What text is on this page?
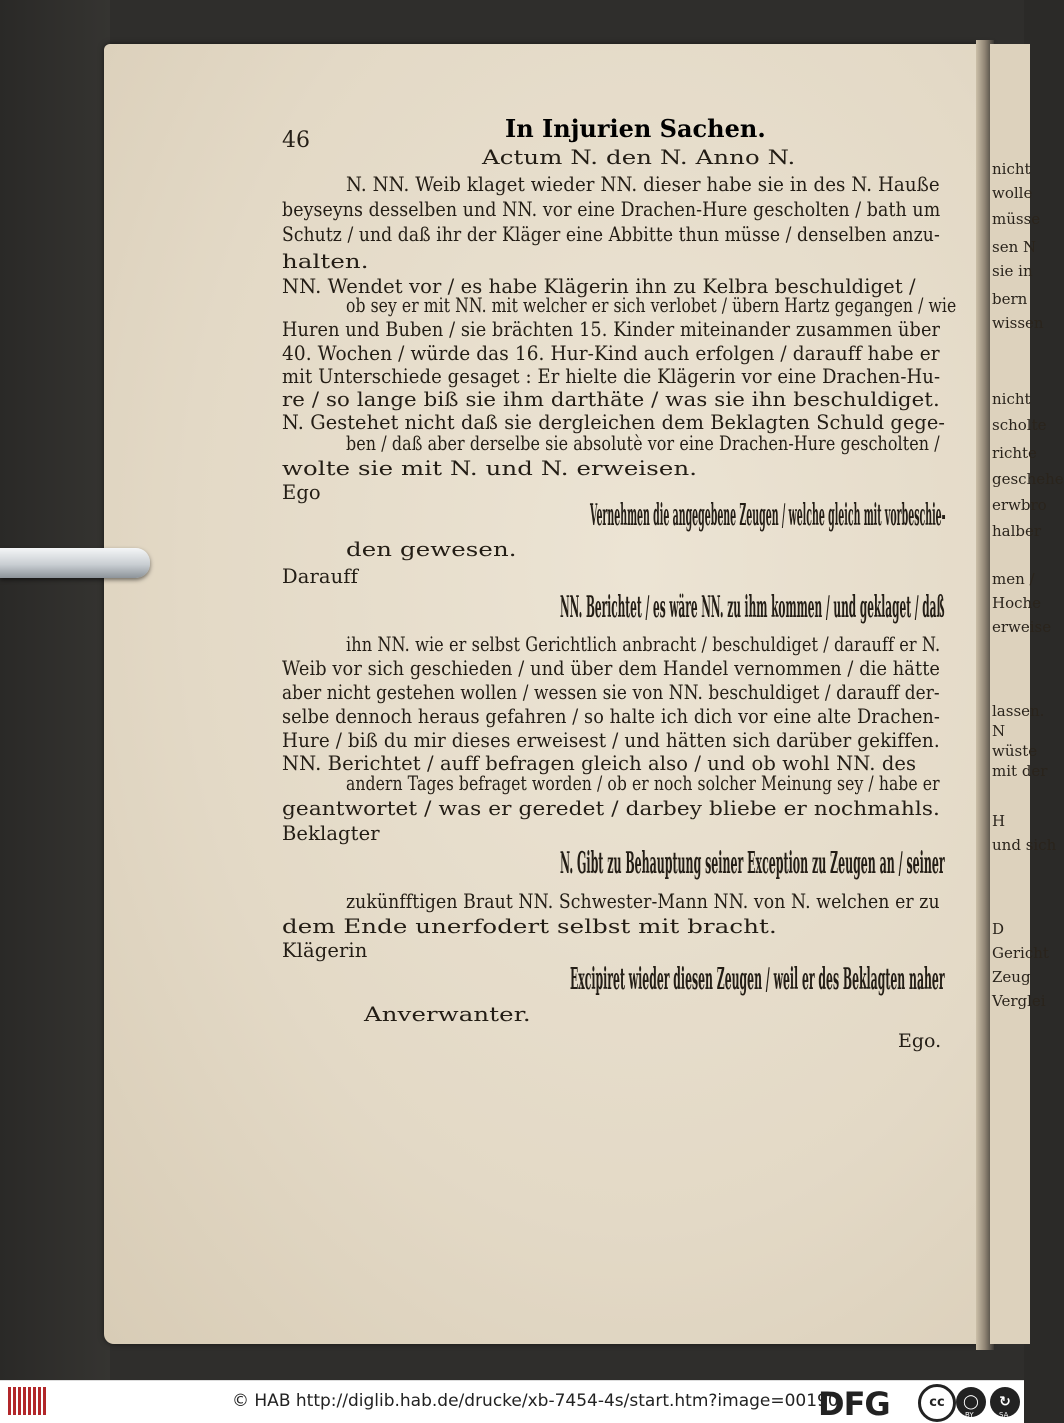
nicht
wolle
müsse
sen N
sie in
bern
wissen
nicht
scholte
richte
geschehe
erwbro
halber
men /
Hoche
erweise
lassen.
N
wüste
mit der
H
und sich
D
Gericht
Zeug
Verglei
46	In Injurien Sachen.
Ego.
Actum N. den N. Anno N.
N. NN. Weib klaget wieder NN. dieser habe sie in des N. Hauße
beyseyns desselben und NN. vor eine Drachen-Hure gescholten / bath um
Schutz / und daß ihr der Kläger eine Abbitte thun müsse / denselben anzu-
halten.
NN. Wendet vor / es habe Klägerin ihn zu Kelbra beschuldiget /
ob sey er mit NN. mit welcher er sich verlobet / übern Hartz gegangen / wie
Huren und Buben / sie brächten 15. Kinder miteinander zusammen über
40. Wochen / würde das 16. Hur-Kind auch erfolgen / darauff habe er
mit Unterschiede gesaget : Er hielte die Klägerin vor eine Drachen-Hu-
re / so lange biß sie ihm darthäte / was sie ihn beschuldiget.
N. Gestehet nicht daß sie dergleichen dem Beklagten Schuld gege-
ben / daß aber derselbe sie absolutè vor eine Drachen-Hure gescholten /
wolte sie mit N. und N. erweisen.
Ego
Vernehmen die angegebene Zeugen / welche gleich mit vorbeschie-
den gewesen.
Darauff
NN. Berichtet / es wäre NN. zu ihm kommen / und geklaget / daß
ihn NN. wie er selbst Gerichtlich anbracht / beschuldiget / darauff er N.
Weib vor sich geschieden / und über dem Handel vernommen / die hätte
aber nicht gestehen wollen / wessen sie von NN. beschuldiget / darauff der-
selbe dennoch heraus gefahren / so halte ich dich vor eine alte Drachen-
Hure / biß du mir dieses erweisest / und hätten sich darüber gekiffen.
NN. Berichtet / auff befragen gleich also / und ob wohl NN. des
andern Tages befraget worden / ob er noch solcher Meinung sey / habe er
geantwortet / was er geredet / darbey bliebe er nochmahls.
Beklagter
N. Gibt zu Behauptung seiner Exception zu Zeugen an / seiner
zukünfftigen Braut NN. Schwester-Mann NN. von N. welchen er zu
dem Ende unerfodert selbst mit bracht.
Klägerin
Excipiret wieder diesen Zeugen / weil er des Beklagten naher
Anverwanter.
© HAB http://diglib.hab.de/drucke/xb-7454-4s/start.htm?image=00190
DFG	cc	◯
BY
↻
SA
